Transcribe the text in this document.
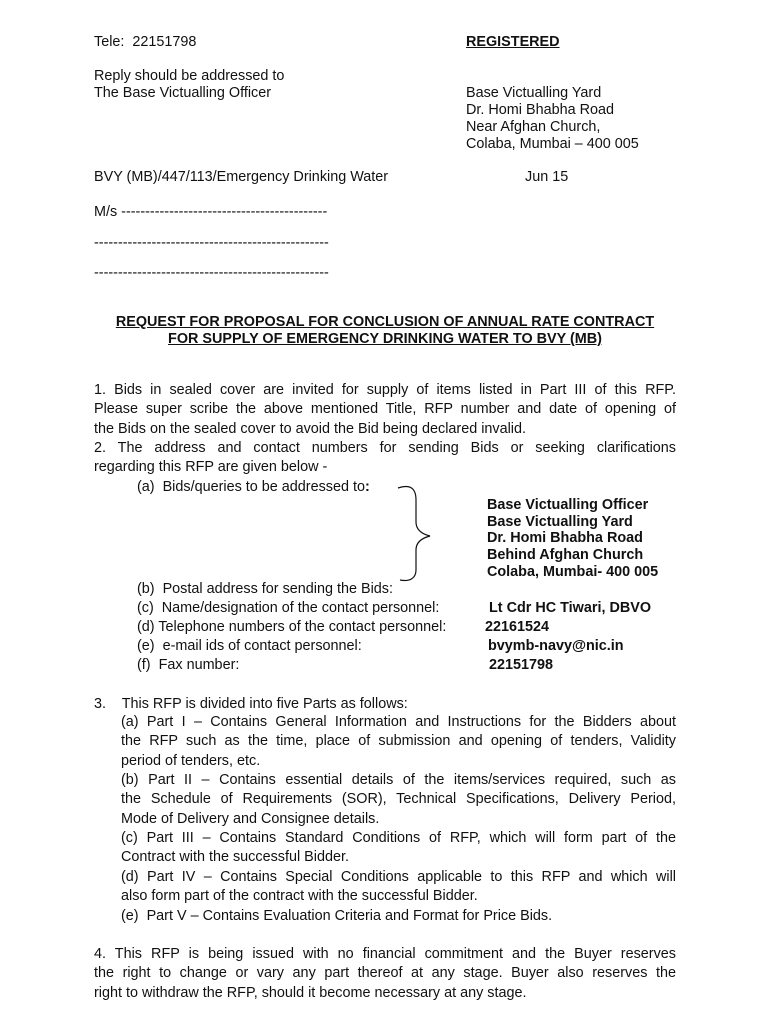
Tele:  22151798	REGISTERED
Reply should be addressed to
The Base Victualling Officer	Base Victualling Yard
Dr. Homi Bhabha Road
Near Afghan Church,
Colaba, Mumbai – 400 005
BVY (MB)/447/113/Emergency Drinking Water	Jun 15
M/s -------------------------------------------
-------------------------------------------------
-------------------------------------------------
REQUEST FOR PROPOSAL FOR CONCLUSION OF ANNUAL RATE CONTRACT
FOR SUPPLY OF EMERGENCY DRINKING WATER TO BVY (MB)
1. Bids in sealed cover are invited for supply of items listed in Part III of this RFP.
Please super scribe the above mentioned Title, RFP number and date of opening of
the Bids on the sealed cover to avoid the Bid being declared invalid.
2. The address and contact numbers for sending Bids or seeking clarifications
regarding this RFP are given below -
(a)  Bids/queries to be addressed to:
Base Victualling Officer
Base Victualling Yard
Dr. Homi Bhabha Road
Behind Afghan Church
Colaba, Mumbai- 400 005
(b)  Postal address for sending the Bids:
(c)  Name/designation of the contact personnel:	Lt Cdr HC Tiwari, DBVO
(d) Telephone numbers of the contact personnel:	22161524
(e)  e-mail ids of contact personnel:	bvymb-navy@nic.in
(f)  Fax number:	22151798
3.    This RFP is divided into five Parts as follows:
(a) Part I – Contains General Information and Instructions for the Bidders about
the RFP such as the time, place of submission and opening of tenders, Validity
period of tenders, etc.
(b) Part II – Contains essential details of the items/services required, such as
the Schedule of Requirements (SOR), Technical Specifications, Delivery Period,
Mode of Delivery and Consignee details.
(c) Part III – Contains Standard Conditions of RFP, which will form part of the
Contract with the successful Bidder.
(d) Part IV – Contains Special Conditions applicable to this RFP and which will
also form part of the contract with the successful Bidder.
(e)  Part V – Contains Evaluation Criteria and Format for Price Bids.
4. This RFP is being issued with no financial commitment and the Buyer reserves
the right to change or vary any part thereof at any stage. Buyer also reserves the
right to withdraw the RFP, should it become necessary at any stage.
